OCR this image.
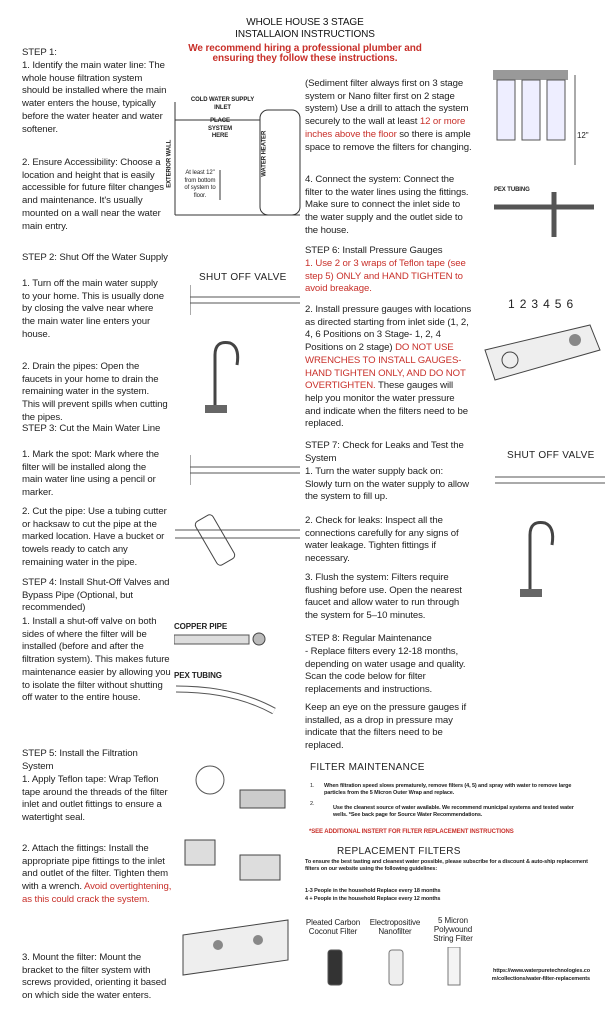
WHOLE HOUSE 3 STAGE
INSTALLAION INSTRUCTIONS
We recommend hiring a professional plumber and ensuring they follow these instructions.
STEP 1:
1. Identify the main water line: The whole house filtration system should be installed where the main water enters the house, typically before the water heater and water softener.
2. Ensure Accessibility: Choose a location and height that is easily accessible for future filter changes and maintenance. It's usually mounted on a wall near the water main entry.
STEP 2: Shut Off the Water Supply
1. Turn off the main water supply to your home. This is usually done by closing the valve near where the main water line enters your house.
2. Drain the pipes: Open the faucets in your home to drain the remaining water in the system. This will prevent spills when cutting the pipes.
STEP 3: Cut the Main Water Line
1. Mark the spot: Mark where the filter will be installed along the main water line using a pencil or marker.
2. Cut the pipe: Use a tubing cutter or hacksaw to cut the pipe at the marked location. Have a bucket or towels ready to catch any remaining water in the pipe.
STEP 4: Install Shut-Off Valves and Bypass Pipe (Optional, but recommended)
1. Install a shut-off valve on both sides of where the filter will be installed (before and after the filtration system). This makes future maintenance easier by allowing you to isolate the filter without shutting off water to the entire house.
STEP 5: Install the Filtration System
1. Apply Teflon tape: Wrap Teflon tape around the threads of the filter inlet and outlet fittings to ensure a watertight seal.
2. Attach the fittings: Install the appropriate pipe fittings to the inlet and outlet of the filter. Tighten them with a wrench. Avoid overtightening, as this could crack the system.
3. Mount the filter: Mount the bracket to the filter system with screws provided, orienting it based on which side the water enters.
(Sediment filter always first on 3 stage system or Nano filter first on 2 stage system) Use a drill to attach the system securely to the wall at least 12 or more inches above the floor so there is ample space to remove the filters for changing.
4. Connect the system: Connect the filter to the water lines using the fittings. Make sure to connect the inlet side to the water supply and the outlet side to the house.
STEP 6: Install Pressure Gauges
1. Use 2 or 3 wraps of Teflon tape (see step 5) ONLY and HAND TIGHTEN to avoid breakage.
2. Install pressure gauges with locations as directed starting from inlet side (1, 2, 4, 6 Positions on 3 Stage- 1, 2, 4 Positions on 2 stage) DO NOT USE WRENCHES TO INSTALL GAUGES- HAND TIGHTEN ONLY, AND DO NOT OVERTIGHTEN. These gauges will help you monitor the water pressure and indicate when the filters need to be replaced.
STEP 7: Check for Leaks and Test the System
1. Turn the water supply back on: Slowly turn on the water supply to allow the system to fill up.
2. Check for leaks: Inspect all the connections carefully for any signs of water leakage. Tighten fittings if necessary.
3. Flush the system: Filters require flushing before use. Open the nearest faucet and allow water to run through the system for 5–10 minutes.
STEP 8: Regular Maintenance
- Replace filters every 12-18 months, depending on water usage and quality. Scan the code below for filter replacements and instructions.
Keep an eye on the pressure gauges if installed, as a drop in pressure may indicate that the filters need to be replaced.
COLD WATER SUPPLY INLET
PLACE SYSTEM HERE
EXTERIOR WALL	WATER HEATER
At least 12" from bottom of system to floor.
SHUT OFF VALVE
COPPER PIPE
PEX TUBING
12"
PEX TUBING
123456
SHUT OFF VALVE
FILTER MAINTENANCE
1. When filtration speed slows prematurely, remove filters (4, 5) and spray with water to remove large particles from the 5 Micron Outer Wrap and replace.
2.
Use the cleanest source of water available. We recommend municipal systems and tested water wells. *See back page for Source Water Recommendations.
*SEE ADDITIONAL INSTERT FOR FILTER REPLACEMENT INSTRUCTIONS
REPLACEMENT FILTERS
To ensure the best tasting and cleanest water possible, please subscribe for a discount & auto-ship replacement filters on our website using the following guidelines:
1-3 People in the household Replace every 18 months
4 + People in the household Replace every 12 months
Pleated Carbon Coconut Filter
Electropositive Nanofilter
5 Micron Polywound String Filter
https://www.waterpuretechnologies.com/collections/water-filter-replacements
